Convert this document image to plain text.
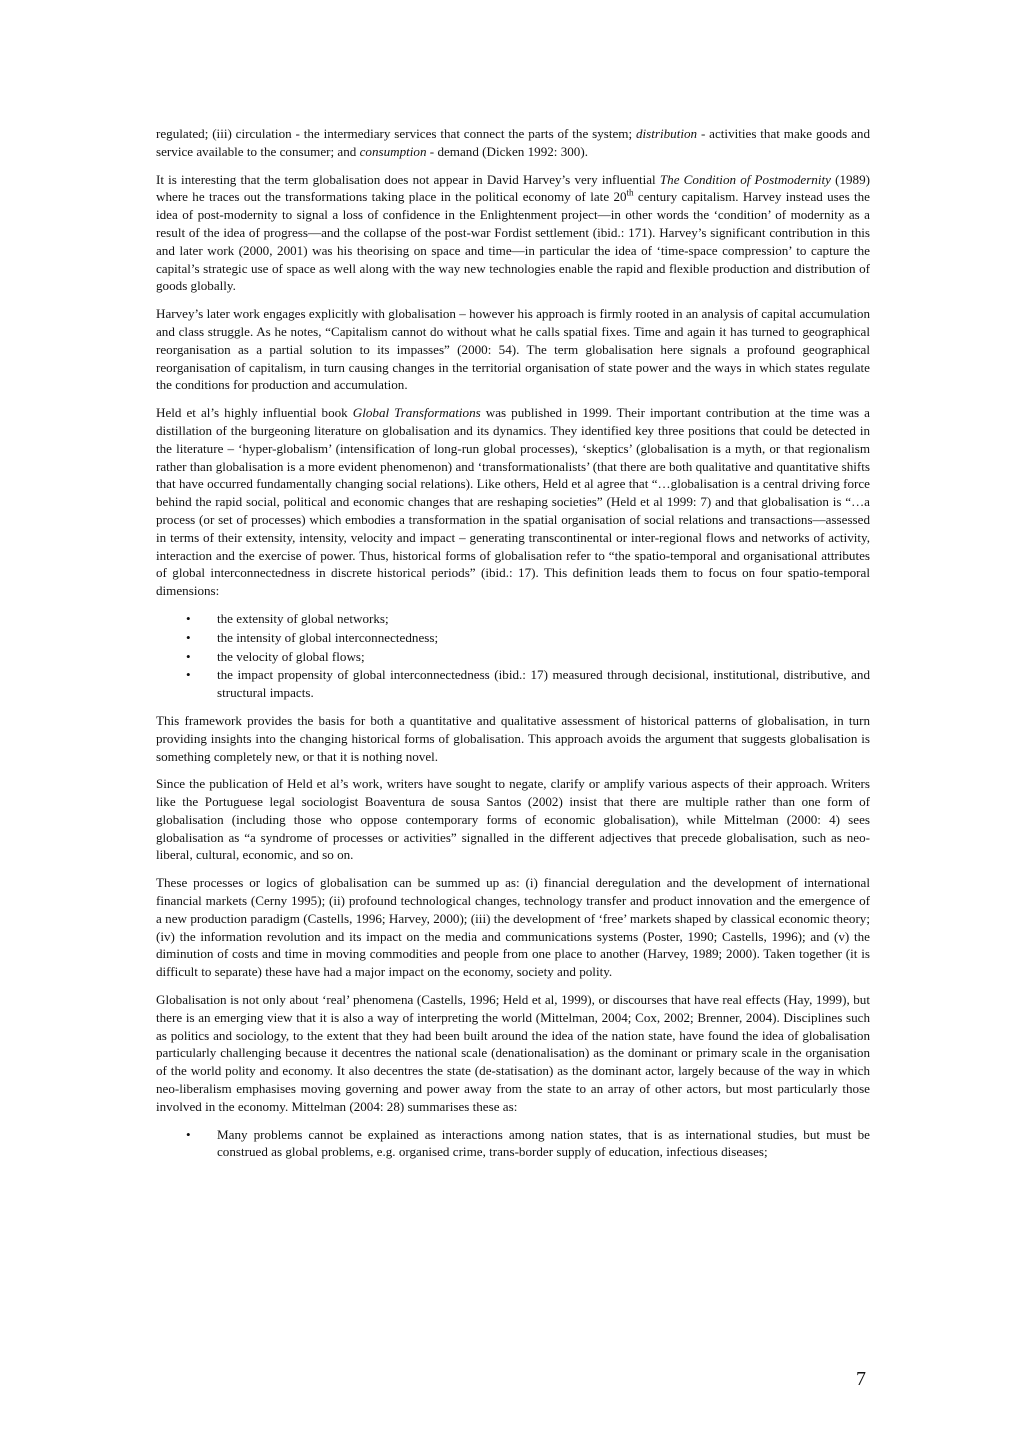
regulated; (iii) circulation - the intermediary services that connect the parts of the system; distribution - activities that make goods and service available to the consumer; and consumption - demand (Dicken 1992: 300).

It is interesting that the term globalisation does not appear in David Harvey’s very influential The Condition of Postmodernity (1989) where he traces out the transformations taking place in the political economy of late 20th century capitalism. Harvey instead uses the idea of post-modernity to signal a loss of confidence in the Enlightenment project—in other words the ‘condition’ of modernity as a result of the idea of progress—and the collapse of the post-war Fordist settlement (ibid.: 171). Harvey’s significant contribution in this and later work (2000, 2001) was his theorising on space and time—in particular the idea of ‘time-space compression’ to capture the capital’s strategic use of space as well along with the way new technologies enable the rapid and flexible production and distribution of goods globally.

Harvey’s later work engages explicitly with globalisation – however his approach is firmly rooted in an analysis of capital accumulation and class struggle. As he notes, “Capitalism cannot do without what he calls spatial fixes. Time and again it has turned to geographical reorganisation as a partial solution to its impasses” (2000: 54). The term globalisation here signals a profound geographical reorganisation of capitalism, in turn causing changes in the territorial organisation of state power and the ways in which states regulate the conditions for production and accumulation.

Held et al’s highly influential book Global Transformations was published in 1999. Their important contribution at the time was a distillation of the burgeoning literature on globalisation and its dynamics. They identified key three positions that could be detected in the literature – ‘hyper-globalism’ (intensification of long-run global processes), ‘skeptics’ (globalisation is a myth, or that regionalism rather than globalisation is a more evident phenomenon) and ‘transformationalists’ (that there are both qualitative and quantitative shifts that have occurred fundamentally changing social relations). Like others, Held et al agree that “…globalisation is a central driving force behind the rapid social, political and economic changes that are reshaping societies” (Held et al 1999: 7) and that globalisation is “…a process (or set of processes) which embodies a transformation in the spatial organisation of social relations and transactions—assessed in terms of their extensity, intensity, velocity and impact – generating transcontinental or inter-regional flows and networks of activity, interaction and the exercise of power. Thus, historical forms of globalisation refer to “the spatio-temporal and organisational attributes of global interconnectedness in discrete historical periods” (ibid.: 17). This definition leads them to focus on four spatio-temporal dimensions:

• the extensity of global networks;
• the intensity of global interconnectedness;
• the velocity of global flows;
• the impact propensity of global interconnectedness (ibid.: 17) measured through decisional, institutional, distributive, and structural impacts.

This framework provides the basis for both a quantitative and qualitative assessment of historical patterns of globalisation, in turn providing insights into the changing historical forms of globalisation. This approach avoids the argument that suggests globalisation is something completely new, or that it is nothing novel.

Since the publication of Held et al’s work, writers have sought to negate, clarify or amplify various aspects of their approach. Writers like the Portuguese legal sociologist Boaventura de sousa Santos (2002) insist that there are multiple rather than one form of globalisation (including those who oppose contemporary forms of economic globalisation), while Mittelman (2000: 4) sees globalisation as “a syndrome of processes or activities” signalled in the different adjectives that precede globalisation, such as neo-liberal, cultural, economic, and so on.

These processes or logics of globalisation can be summed up as: (i) financial deregulation and the development of international financial markets (Cerny 1995); (ii) profound technological changes, technology transfer and product innovation and the emergence of a new production paradigm (Castells, 1996; Harvey, 2000); (iii) the development of ‘free’ markets shaped by classical economic theory; (iv) the information revolution and its impact on the media and communications systems (Poster, 1990; Castells, 1996); and (v) the diminution of costs and time in moving commodities and people from one place to another (Harvey, 1989; 2000). Taken together (it is difficult to separate) these have had a major impact on the economy, society and polity.

Globalisation is not only about ‘real’ phenomena (Castells, 1996; Held et al, 1999), or discourses that have real effects (Hay, 1999), but there is an emerging view that it is also a way of interpreting the world (Mittelman, 2004; Cox, 2002; Brenner, 2004). Disciplines such as politics and sociology, to the extent that they had been built around the idea of the nation state, have found the idea of globalisation particularly challenging because it decentres the national scale (denationalisation) as the dominant or primary scale in the organisation of the world polity and economy. It also decentres the state (de-statisation) as the dominant actor, largely because of the way in which neo-liberalism emphasises moving governing and power away from the state to an array of other actors, but most particularly those involved in the economy. Mittelman (2004: 28) summarises these as:

• Many problems cannot be explained as interactions among nation states, that is as international studies, but must be construed as global problems, e.g. organised crime, trans-border supply of education, infectious diseases;
7
